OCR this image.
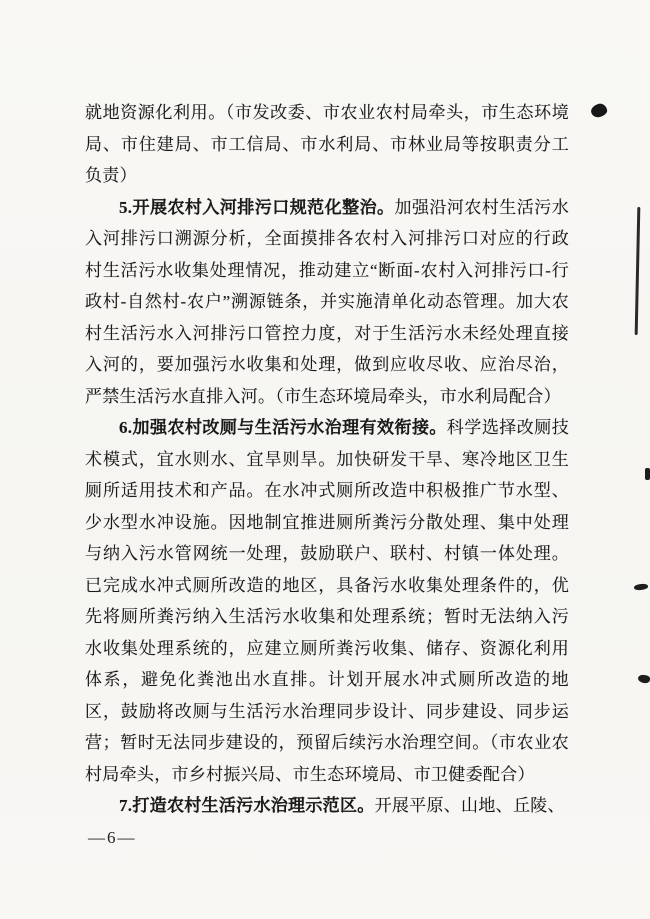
就地资源化利用。（市发改委、市农业农村局牵头，市生态环境局、市住建局、市工信局、市水利局、市林业局等按职责分工负责）

5.开展农村入河排污口规范化整治。加强沿河农村生活污水入河排污口溯源分析，全面摸排各农村入河排污口对应的行政村生活污水收集处理情况，推动建立“断面-农村入河排污口-行政村-自然村-农户”溯源链条，并实施清单化动态管理。加大农村生活污水入河排污口管控力度，对于生活污水未经处理直接入河的，要加强污水收集和处理，做到应收尽收、应治尽治，严禁生活污水直排入河。（市生态环境局牵头，市水利局配合）

6.加强农村改厕与生活污水治理有效衔接。科学选择改厕技术模式，宜水则水、宜旱则旱。加快研发干旱、寒冷地区卫生厕所适用技术和产品。在水冲式厕所改造中积极推广节水型、少水型水冲设施。因地制宜推进厕所粪污分散处理、集中处理与纳入污水管网统一处理，鼓励联户、联村、村镇一体处理。已完成水冲式厕所改造的地区，具备污水收集处理条件的，优先将厕所粪污纳入生活污水收集和处理系统；暂时无法纳入污水收集处理系统的，应建立厕所粪污收集、储存、资源化利用体系，避免化粪池出水直排。计划开展水冲式厕所改造的地区，鼓励将改厕与生活污水治理同步设计、同步建设、同步运营；暂时无法同步建设的，预留后续污水治理空间。（市农业农村局牵头，市乡村振兴局、市生态环境局、市卫健委配合）

7.打造农村生活污水治理示范区。开展平原、山地、丘陵、

—6—
